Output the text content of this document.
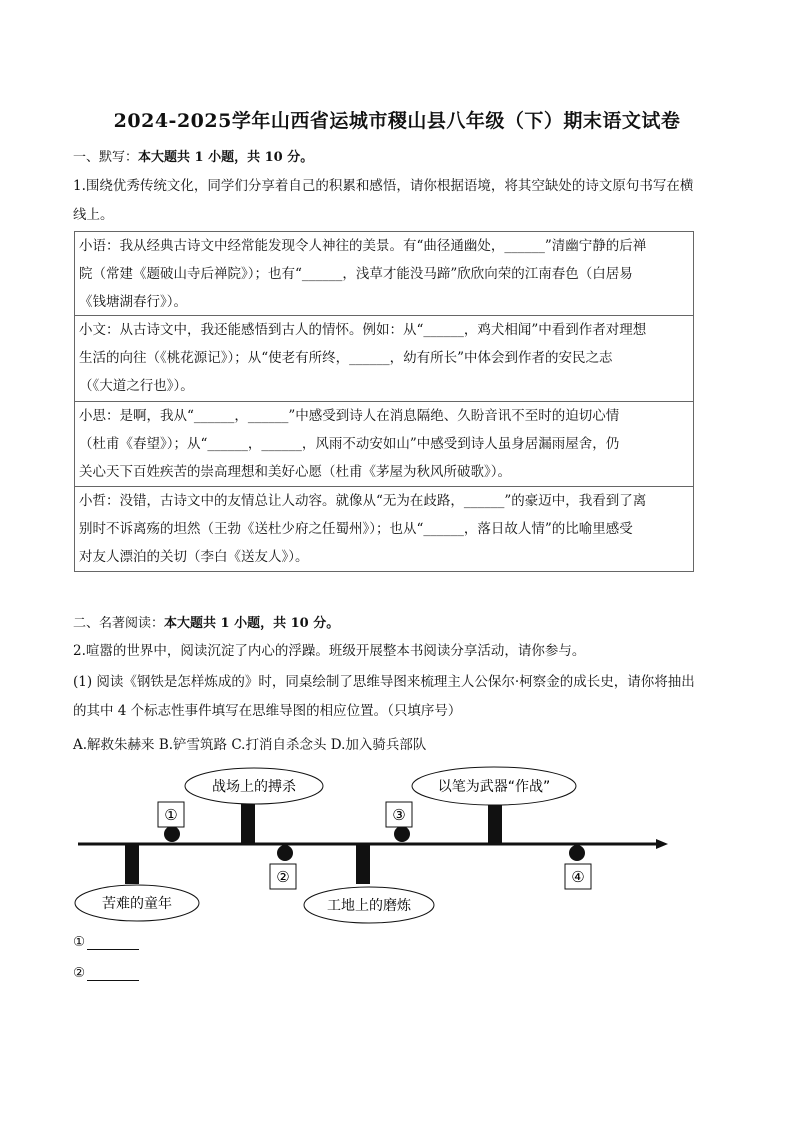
2024-2025学年山西省运城市稷山县八年级（下）期末语文试卷
一、默写：本大题共 1 小题，共 10 分。
1.围绕优秀传统文化，同学们分享着自己的积累和感悟，请你根据语境，将其空缺处的诗文原句书写在横
线上。
小语：我从经典古诗文中经常能发现令人神往的美景。有“曲径通幽处，______”清幽宁静的后禅
院（常建《题破山寺后禅院》）；也有“______，浅草才能没马蹄”欣欣向荣的江南春色（白居易
《钱塘湖春行》）。
小文：从古诗文中，我还能感悟到古人的情怀。例如：从“______，鸡犬相闻”中看到作者对理想
生活的向往（《桃花源记》）；从“使老有所终，______，幼有所长”中体会到作者的安民之志
（《大道之行也》）。
小思：是啊，我从“______，______”中感受到诗人在消息隔绝、久盼音讯不至时的迫切心情
（杜甫《春望》）；从“______，______，风雨不动安如山”中感受到诗人虽身居漏雨屋舍，仍
关心天下百姓疾苦的崇高理想和美好心愿（杜甫《茅屋为秋风所破歌》）。
小哲：没错，古诗文中的友情总让人动容。就像从“无为在歧路，______”的豪迈中，我看到了离
别时不诉离殇的坦然（王勃《送杜少府之任蜀州》）；也从“______，落日故人情”的比喻里感受
对友人漂泊的关切（李白《送友人》）。
二、名著阅读：本大题共 1 小题，共 10 分。
2.喧嚣的世界中，阅读沉淀了内心的浮躁。班级开展整本书阅读分享活动，请你参与。
(1) 阅读《钢铁是怎样炼成的》时，同桌绘制了思维导图来梳理主人公保尔·柯察金的成长史，请你将抽出
的其中 4 个标志性事件填写在思维导图的相应位置。（只填序号）
A.解救朱赫来 B.铲雪筑路 C.打消自杀念头 D.加入骑兵部队
①
②
③
④
苦难的童年
战场上的搏杀
工地上的磨炼
以笔为武器“作战”
①
②
